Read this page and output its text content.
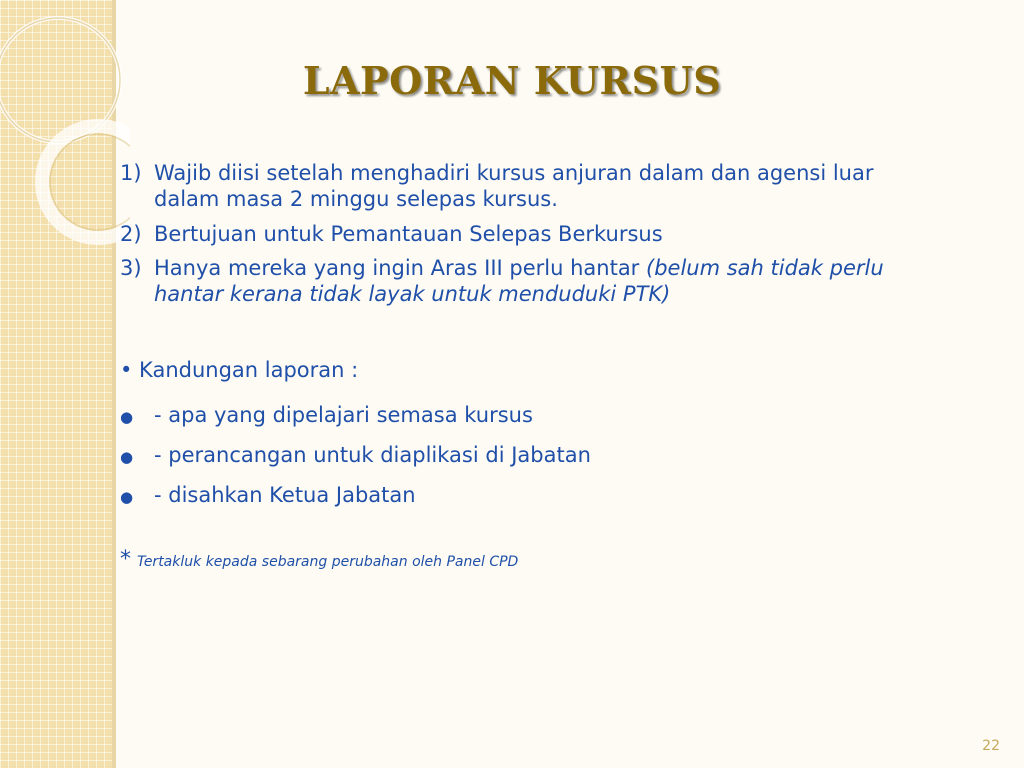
LAPORAN KURSUS
1) Wajib diisi setelah menghadiri kursus anjuran dalam dan agensi luar dalam masa 2 minggu selepas kursus.
2) Bertujuan untuk Pemantauan Selepas Berkursus
3) Hanya mereka yang ingin Aras III perlu hantar (belum sah tidak perlu hantar kerana tidak layak untuk menduduki PTK)
• Kandungan laporan :
● - apa yang dipelajari semasa kursus
● - perancangan untuk diaplikasi di Jabatan
● - disahkan Ketua Jabatan
* Tertakluk kepada sebarang perubahan oleh Panel CPD
22
